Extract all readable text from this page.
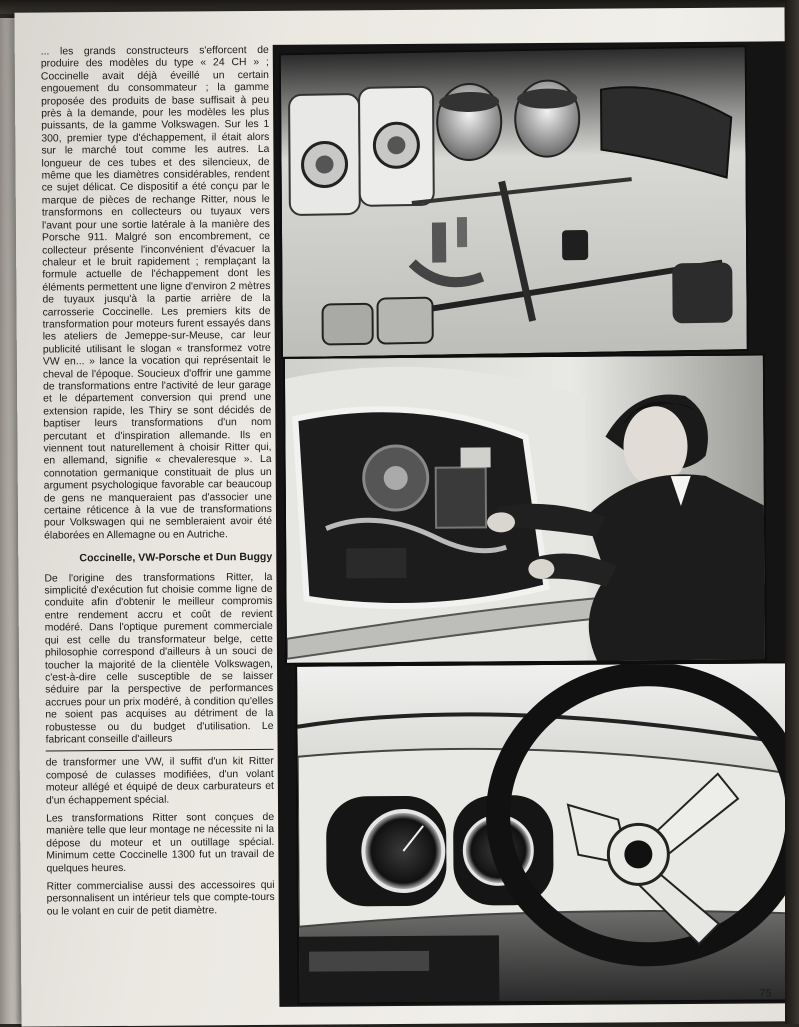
... les grands constructeurs s'efforcent de produire des modèles du type « 24 CH » ; Coccinelle avait déjà éveillé un certain engouement du consommateur ; la gamme proposée des produits de base suffisait à peu près à la demande, pour les modèles les plus puissants, de la gamme Volkswagen. Sur les 1 300, premier type d'échappement, il était alors sur le marché tout comme les autres. La longueur de ces tubes et des silencieux, de même que les diamètres considérables, rendent ce sujet délicat. Ce dispositif a été conçu par le marque de pièces de rechange Ritter, nous le transformons en collecteurs ou tuyaux vers l'avant pour une sortie latérale à la manière des Porsche 911. Malgré son encombrement, ce collecteur présente l'inconvénient d'évacuer la chaleur et le bruit rapidement ; remplaçant la formule actuelle de l'échappement dont les éléments permettent une ligne d'environ 2 mètres de tuyaux jusqu'à la partie arrière de la carrosserie Coccinelle. Les premiers kits de transformation pour moteurs furent essayés dans les ateliers de Jemeppe-sur-Meuse, car leur publicité utilisant le slogan « transformez votre VW en... » lance la vocation qui représentait le cheval de l'époque. Soucieux d'offrir une gamme de transformations entre l'activité de leur garage et le département conversion qui prend une extension rapide, les Thiry se sont décidés de baptiser leurs transformations d'un nom percutant et d'inspiration allemande. Ils en viennent tout naturellement à choisir Ritter qui, en allemand, signifie « chevaleresque ». La connotation germanique constituait de plus un argument psychologique favorable car beaucoup de gens ne manqueraient pas d'associer une certaine réticence à la vue de transformations pour Volkswagen qui ne sembleraient avoir été élaborées en Allemagne ou en Autriche.

Coccinelle, VW-Porsche et Dun Buggy

De l'origine des transformations Ritter, la simplicité d'exécution fut choisie comme ligne de conduite afin d'obtenir le meilleur compromis entre rendement accru et coût de revient modéré. Dans l'optique purement commerciale qui est celle du transformateur belge, cette philosophie correspond d'ailleurs à un souci de toucher la majorité de la clientèle Volkswagen, c'est-à-dire celle susceptible de se laisser séduire par la perspective de performances accrues pour un prix modéré, à condition qu'elles ne soient pas acquises au détriment de la robustesse ou du budget d'utilisation. Le fabricant conseille d'ailleurs

de transformer une VW, il suffit d'un kit Ritter composé de culasses modifiées, d'un volant moteur allégé et équipé de deux carburateurs et d'un échappement spécial.

Les transformations Ritter sont conçues de manière telle que leur montage ne nécessite ni la dépose du moteur et un outillage spécial. Minimum cette Coccinelle 1300 fut un travail de quelques heures.

Ritter commercialise aussi des accessoires qui personnalisent un intérieur tels que compte-tours ou le volant en cuir de petit diamètre.

75
